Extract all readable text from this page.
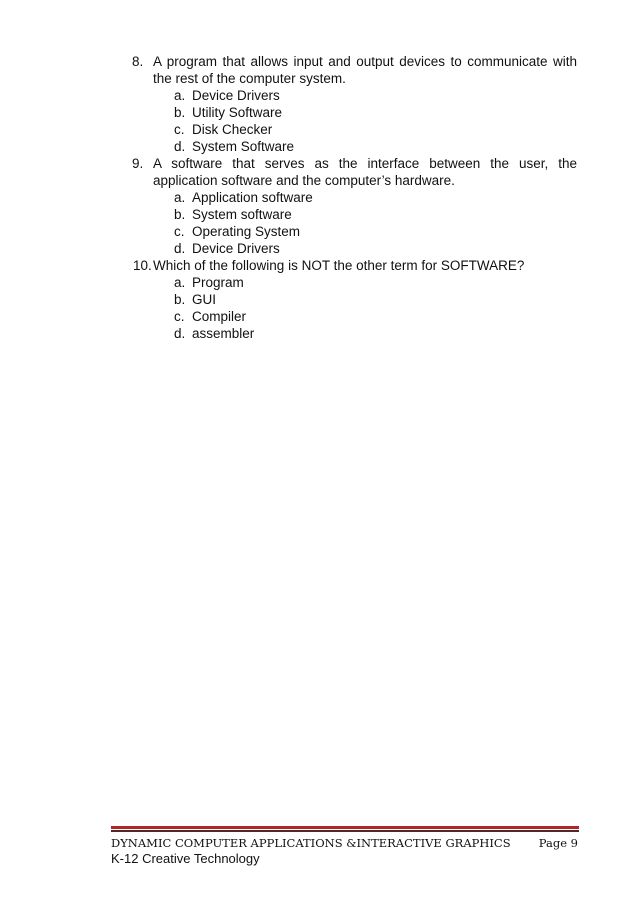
8. A program that allows input and output devices to communicate with the rest of the computer system.
a. Device Drivers
b. Utility Software
c. Disk Checker
d. System Software
9. A software that serves as the interface between the user, the application software and the computer’s hardware.
a. Application software
b. System software
c. Operating System
d. Device Drivers
10. Which of the following is NOT the other term for SOFTWARE?
a. Program
b. GUI
c. Compiler
d. assembler
DYNAMIC COMPUTER APPLICATIONS &INTERACTIVE GRAPHICS Page 9
K-12 Creative Technology
